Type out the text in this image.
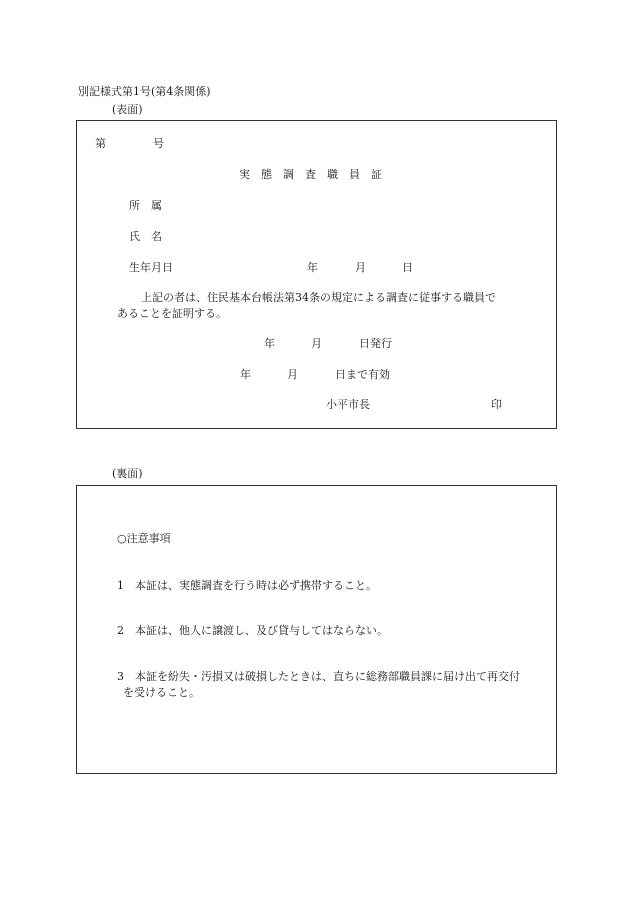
別記様式第1号(第4条関係)
(表面)
第	号
実態調査職員証
所　属
氏　名
生年月日	年	月	日
上記の者は、住民基本台帳法第34条の規定による調査に従事する職員で
あることを証明する。
年	月	日発行
年	月	日まで有効
小平市長	印
(裏面)
○注意事項
1　本証は、実態調査を行う時は必ず携帯すること。
2　本証は、他人に譲渡し、及び貸与してはならない。
3　本証を紛失・汚損又は破損したときは、直ちに総務部職員課に届け出て再交付
を受けること。
